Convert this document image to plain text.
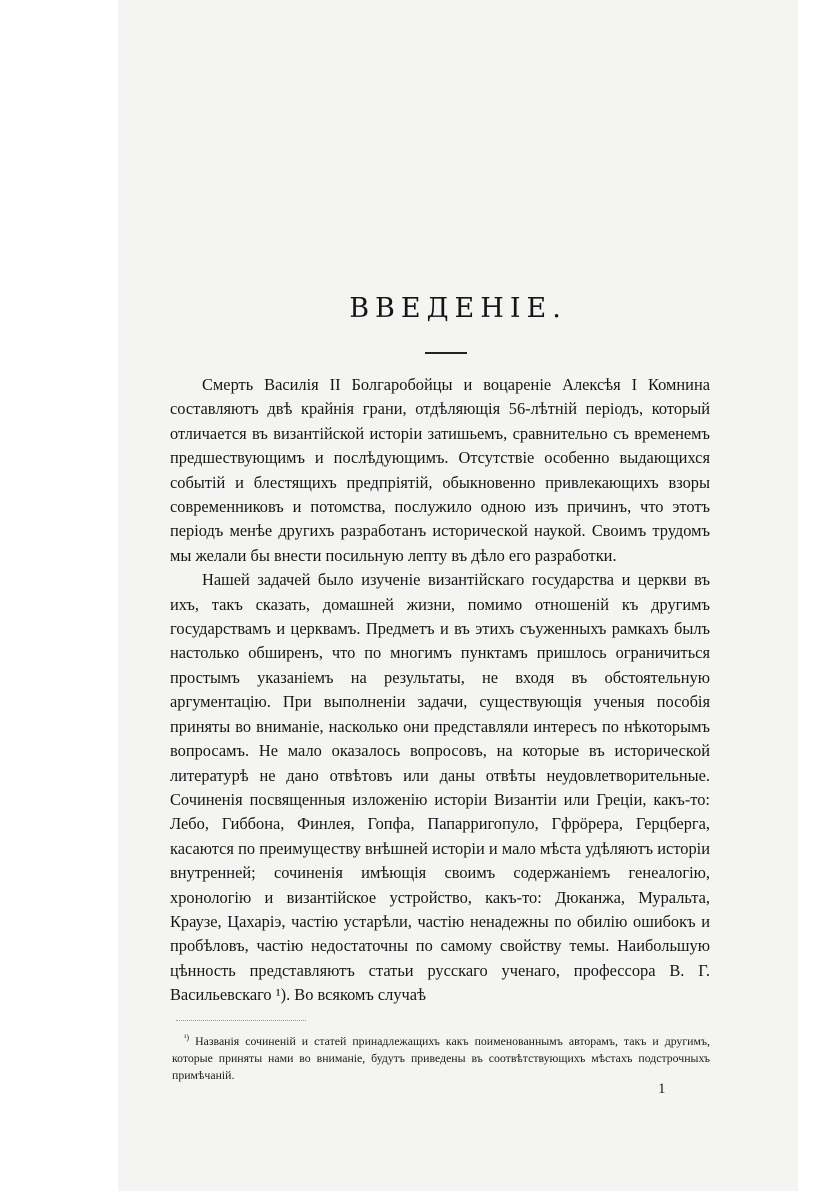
ВВЕДЕНІЕ.

Смерть Василія II Болгаробойцы и воцареніе Алексѣя I Комнина составляютъ двѣ крайнія грани, отдѣляющія 56-лѣтній періодъ, который отличается въ византійской исторіи затишьемъ, сравнительно съ временемъ предшествующимъ и послѣдующимъ. Отсутствіе особенно выдающихся событій и блестящихъ предпріятій, обыкновенно привлекающихъ взоры современниковъ и потомства, послужило одною изъ причинъ, что этотъ періодъ менѣе другихъ разработанъ исторической наукой. Своимъ трудомъ мы желали бы внести посильную лепту въ дѣло его разработки.

Нашей задачей было изученіе византійскаго государства и церкви въ ихъ, такъ сказать, домашней жизни, помимо отношеній къ другимъ государствамъ и церквамъ. Предметъ и въ этихъ съуженныхъ рамкахъ былъ настолько обширенъ, что по многимъ пунктамъ пришлось ограничиться простымъ указаніемъ на результаты, не входя въ обстоятельную аргументацію. При выполненіи задачи, существующія ученыя пособія приняты во вниманіе, насколько они представляли интересъ по нѣкоторымъ вопросамъ. Не мало оказалось вопросовъ, на которые въ исторической литературѣ не дано отвѣтовъ или даны отвѣты неудовлетворительные. Сочиненія посвященныя изложенію исторіи Византіи или Греціи, какъ-то: Лебо, Гиббона, Финлея, Гопфа, Папарригопуло, Гфрöрера, Герцберга, касаются по преимуществу внѣшней исторіи и мало мѣста удѣляютъ исторіи внутренней; сочиненія имѣющія своимъ содержаніемъ генеалогію, хронологію и византійское устройство, какъ-то: Дюканжа, Муральта, Краузе, Цахаріэ, частію устарѣли, частію ненадежны по обилію ошибокъ и пробѣловъ, частію недостаточны по самому свойству темы. Наибольшую цѣнность представляютъ статьи русскаго ученаго, профессора В. Г. Васильевскаго ¹). Во всякомъ случаѣ

$^{^1)}$ Названія сочиненій и статей принадлежащихъ какъ поименованнымъ авторамъ, такъ и другимъ, которые приняты нами во вниманіе, будутъ приведены въ соотвѣтствующихъ мѣстахъ подстрочныхъ примѣчаній.

1
